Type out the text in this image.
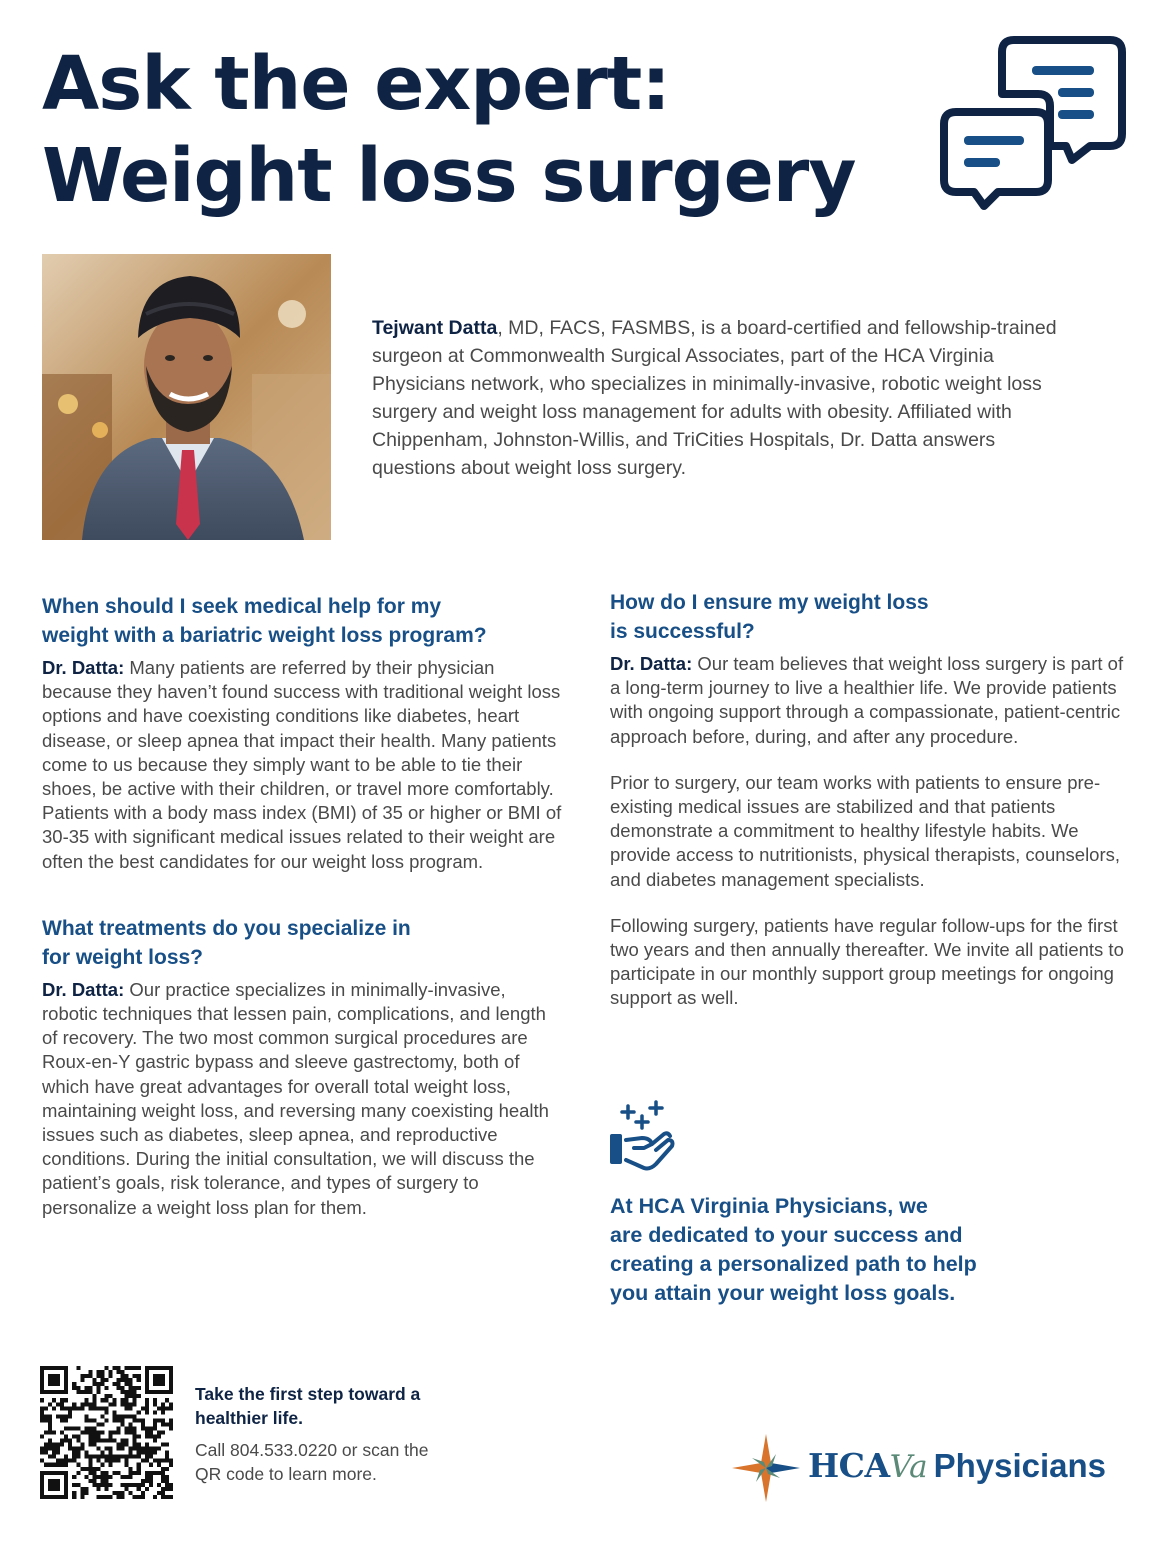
Ask the expert:
Weight loss surgery
Tejwant Datta, MD, FACS, FASMBS, is a board-certified and fellowship-trained surgeon at Commonwealth Surgical Associates, part of the HCA Virginia Physicians network, who specializes in minimally-invasive, robotic weight loss surgery and weight loss management for adults with obesity. Affiliated with Chippenham, Johnston-Willis, and TriCities Hospitals, Dr. Datta answers questions about weight loss surgery.
When should I seek medical help for my
weight with a bariatric weight loss program?

Dr. Datta: Many patients are referred by their physician because they haven’t found success with traditional weight loss options and have coexisting conditions like diabetes, heart disease, or sleep apnea that impact their health. Many patients come to us because they simply want to be able to tie their shoes, be active with their children, or travel more comfortably. Patients with a body mass index (BMI) of 35 or higher or BMI of 30-35 with significant medical issues related to their weight are often the best candidates for our weight loss program.

What treatments do you specialize in
for weight loss?

Dr. Datta: Our practice specializes in minimally-invasive, robotic techniques that lessen pain, complications, and length of recovery. The two most common surgical procedures are Roux-en-Y gastric bypass and sleeve gastrectomy, both of which have great advantages for overall total weight loss, maintaining weight loss, and reversing many coexisting health issues such as diabetes, sleep apnea, and reproductive conditions. During the initial consultation, we will discuss the patient’s goals, risk tolerance, and types of surgery to personalize a weight loss plan for them.

How do I ensure my weight loss
is successful?

Dr. Datta: Our team believes that weight loss surgery is part of a long-term journey to live a healthier life. We provide patients with ongoing support through a compassionate, patient-centric approach before, during, and after any procedure.

Prior to surgery, our team works with patients to ensure pre-existing medical issues are stabilized and that patients demonstrate a commitment to healthy lifestyle habits. We provide access to nutritionists, physical therapists, counselors, and diabetes management specialists.

Following surgery, patients have regular follow-ups for the first two years and then annually thereafter. We invite all patients to participate in our monthly support group meetings for ongoing support as well.

At HCA Virginia Physicians, we
are dedicated to your success and
creating a personalized path to help
you attain your weight loss goals.
Take the first step toward a
healthier life.
Call 804.533.0220 or scan the
QR code to learn more.	HCAVa Physicians
